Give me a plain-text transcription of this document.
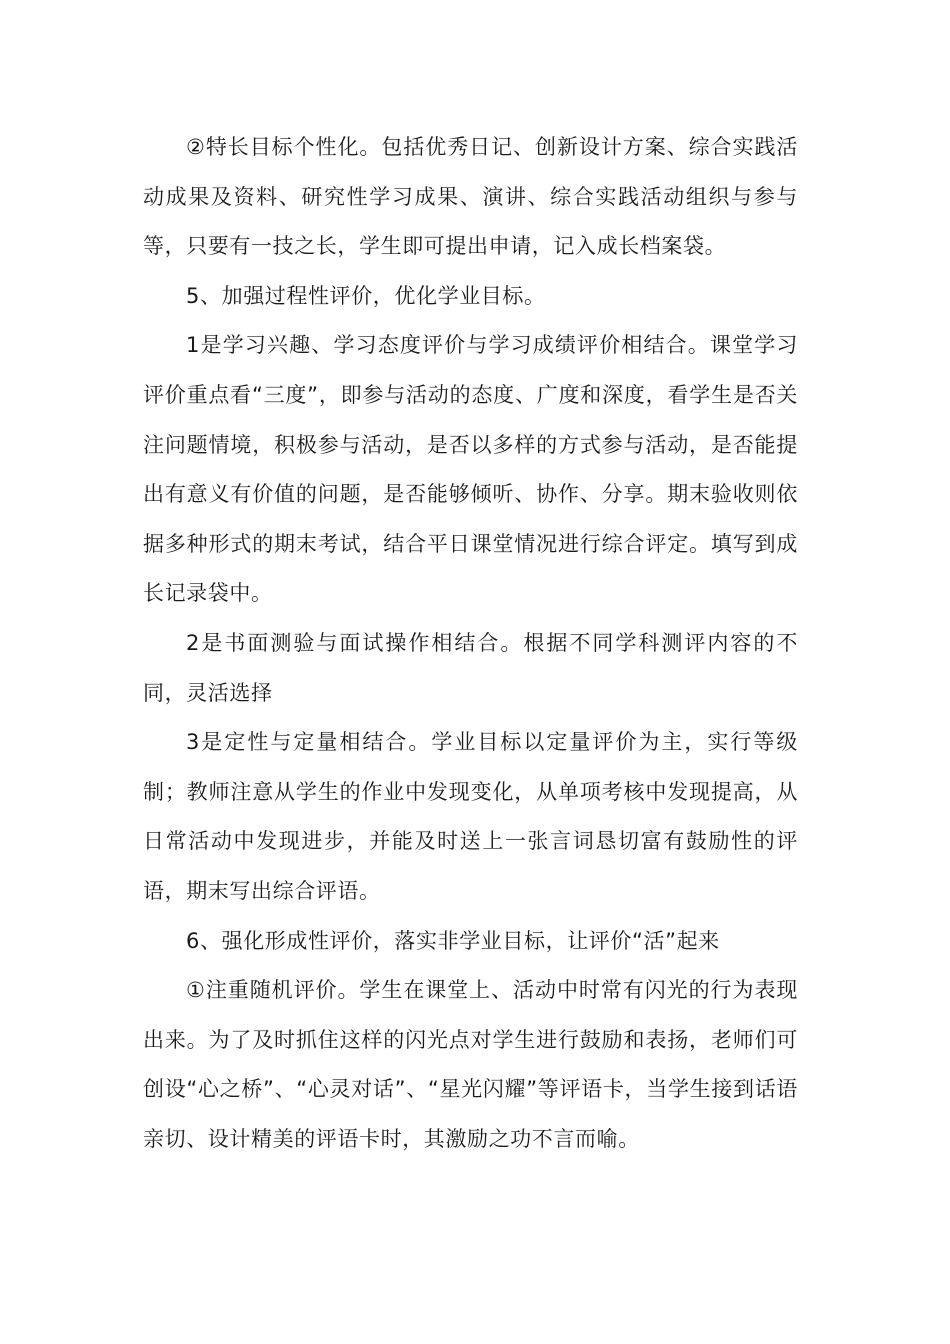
②特长目标个性化。包括优秀日记、创新设计方案、综合实践活动成果及资料、研究性学习成果、演讲、综合实践活动组织与参与等，只要有一技之长，学生即可提出申请，记入成长档案袋。

5、加强过程性评价，优化学业目标。

1是学习兴趣、学习态度评价与学习成绩评价相结合。课堂学习评价重点看“三度”，即参与活动的态度、广度和深度，看学生是否关注问题情境，积极参与活动，是否以多样的方式参与活动，是否能提出有意义有价值的问题，是否能够倾听、协作、分享。期末验收则依据多种形式的期末考试，结合平日课堂情况进行综合评定。填写到成长记录袋中。

2是书面测验与面试操作相结合。根据不同学科测评内容的不同，灵活选择

3是定性与定量相结合。学业目标以定量评价为主，实行等级制；教师注意从学生的作业中发现变化，从单项考核中发现提高，从日常活动中发现进步，并能及时送上一张言词恳切富有鼓励性的评语，期末写出综合评语。

6、强化形成性评价，落实非学业目标，让评价“活”起来

①注重随机评价。学生在课堂上、活动中时常有闪光的行为表现出来。为了及时抓住这样的闪光点对学生进行鼓励和表扬，老师们可创设“心之桥”、“心灵对话”、“星光闪耀”等评语卡，当学生接到话语亲切、设计精美的评语卡时，其激励之功不言而喻。
